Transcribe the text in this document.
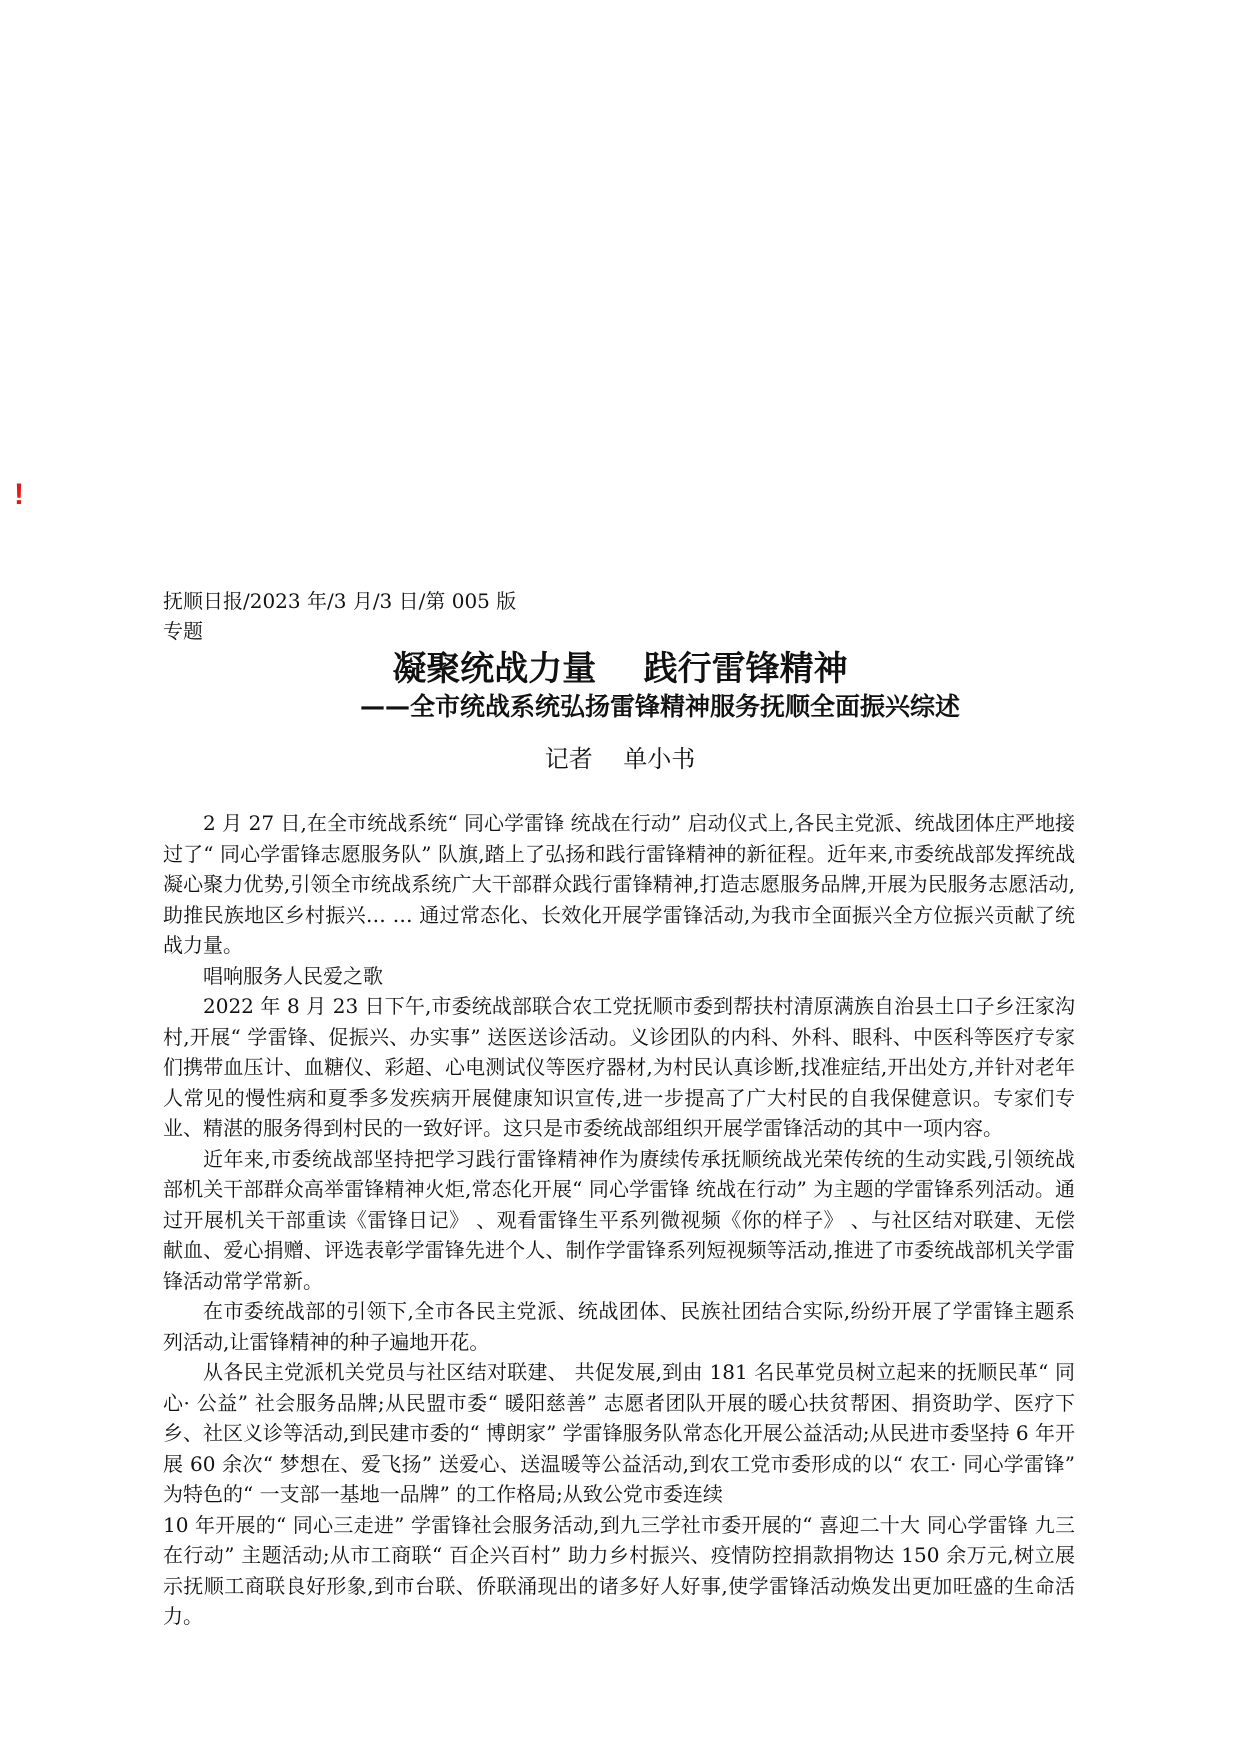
!
抚顺日报/2023 年/3 月/3 日/第 005 版专题
凝聚统战力量    践行雷锋精神
——全市统战系统弘扬雷锋精神服务抚顺全面振兴综述
记者    单小书

2 月 27 日,在全市统战系统“ 同心学雷锋 统战在行动” 启动仪式上,各民主党派、统战团体庄严地接过了“ 同心学雷锋志愿服务队” 队旗,踏上了弘扬和践行雷锋精神的新征程。近年来,市委统战部发挥统战凝心聚力优势,引领全市统战系统广大干部群众践行雷锋精神,打造志愿服务品牌,开展为民服务志愿活动,助推民族地区乡村振兴… … 通过常态化、长效化开展学雷锋活动,为我市全面振兴全方位振兴贡献了统战力量。

唱响服务人民爱之歌

2022 年 8 月 23 日下午,市委统战部联合农工党抚顺市委到帮扶村清原满族自治县土口子乡汪家沟村,开展“ 学雷锋、促振兴、办实事” 送医送诊活动。义诊团队的内科、外科、眼科、中医科等医疗专家们携带血压计、血糖仪、彩超、心电测试仪等医疗器材,为村民认真诊断,找准症结,开出处方,并针对老年人常见的慢性病和夏季多发疾病开展健康知识宣传,进一步提高了广大村民的自我保健意识。专家们专业、精湛的服务得到村民的一致好评。这只是市委统战部组织开展学雷锋活动的其中一项内容。

近年来,市委统战部坚持把学习践行雷锋精神作为赓续传承抚顺统战光荣传统的生动实践,引领统战部机关干部群众高举雷锋精神火炬,常态化开展“ 同心学雷锋 统战在行动” 为主题的学雷锋系列活动。通过开展机关干部重读《雷锋日记》 、观看雷锋生平系列微视频《你的样子》 、与社区结对联建、无偿献血、爱心捐赠、评选表彰学雷锋先进个人、制作学雷锋系列短视频等活动,推进了市委统战部机关学雷锋活动常学常新。

在市委统战部的引领下,全市各民主党派、统战团体、民族社团结合实际,纷纷开展了学雷锋主题系列活动,让雷锋精神的种子遍地开花。

从各民主党派机关党员与社区结对联建、 共促发展,到由 181 名民革党员树立起来的抚顺民革“ 同心· 公益” 社会服务品牌;从民盟市委“ 暖阳慈善” 志愿者团队开展的暖心扶贫帮困、捐资助学、医疗下乡、社区义诊等活动,到民建市委的“ 博朗家” 学雷锋服务队常态化开展公益活动;从民进市委坚持 6 年开展 60 余次“ 梦想在、爱飞扬” 送爱心、送温暖等公益活动,到农工党市委形成的以“ 农工· 同心学雷锋” 为特色的“ 一支部一基地一品牌” 的工作格局;从致公党市委连续

10 年开展的“ 同心三走进” 学雷锋社会服务活动,到九三学社市委开展的“ 喜迎二十大 同心学雷锋 九三在行动” 主题活动;从市工商联“ 百企兴百村” 助力乡村振兴、疫情防控捐款捐物达 150 余万元,树立展示抚顺工商联良好形象,到市台联、侨联涌现出的诸多好人好事,使学雷锋活动焕发出更加旺盛的生命活力。
